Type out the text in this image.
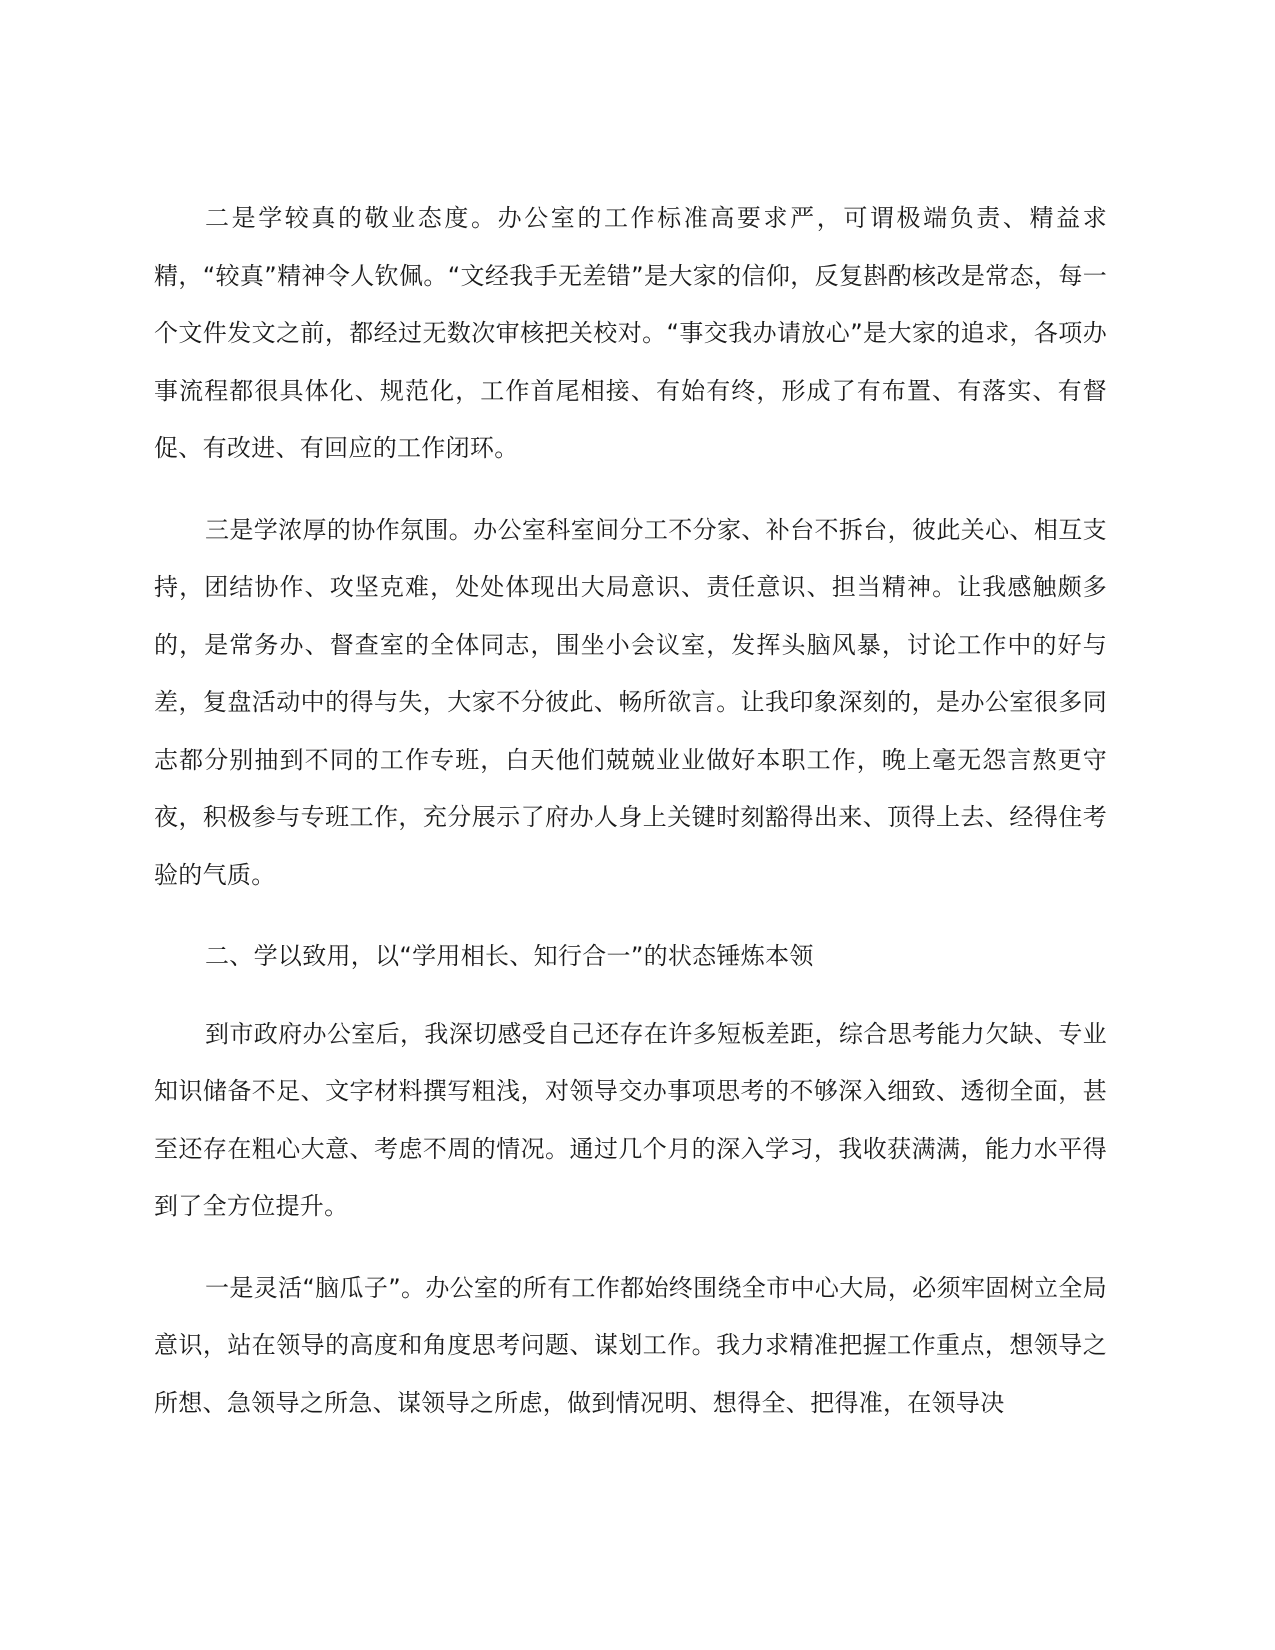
二是学较真的敬业态度。办公室的工作标准高要求严，可谓极端负责、精益求精，“较真”精神令人钦佩。“文经我手无差错”是大家的信仰，反复斟酌核改是常态，每一个文件发文之前，都经过无数次审核把关校对。“事交我办请放心”是大家的追求，各项办事流程都很具体化、规范化，工作首尾相接、有始有终，形成了有布置、有落实、有督促、有改进、有回应的工作闭环。

三是学浓厚的协作氛围。办公室科室间分工不分家、补台不拆台，彼此关心、相互支持，团结协作、攻坚克难，处处体现出大局意识、责任意识、担当精神。让我感触颇多的，是常务办、督查室的全体同志，围坐小会议室，发挥头脑风暴，讨论工作中的好与差，复盘活动中的得与失，大家不分彼此、畅所欲言。让我印象深刻的，是办公室很多同志都分别抽到不同的工作专班，白天他们兢兢业业做好本职工作，晚上毫无怨言熬更守夜，积极参与专班工作，充分展示了府办人身上关键时刻豁得出来、顶得上去、经得住考验的气质。

二、学以致用，以“学用相长、知行合一”的状态锤炼本领

到市政府办公室后，我深切感受自己还存在许多短板差距，综合思考能力欠缺、专业知识储备不足、文字材料撰写粗浅，对领导交办事项思考的不够深入细致、透彻全面，甚至还存在粗心大意、考虑不周的情况。通过几个月的深入学习，我收获满满，能力水平得到了全方位提升。

一是灵活“脑瓜子”。办公室的所有工作都始终围绕全市中心大局，必须牢固树立全局意识，站在领导的高度和角度思考问题、谋划工作。我力求精准把握工作重点，想领导之所想、急领导之所急、谋领导之所虑，做到情况明、想得全、把得准，在领导决
